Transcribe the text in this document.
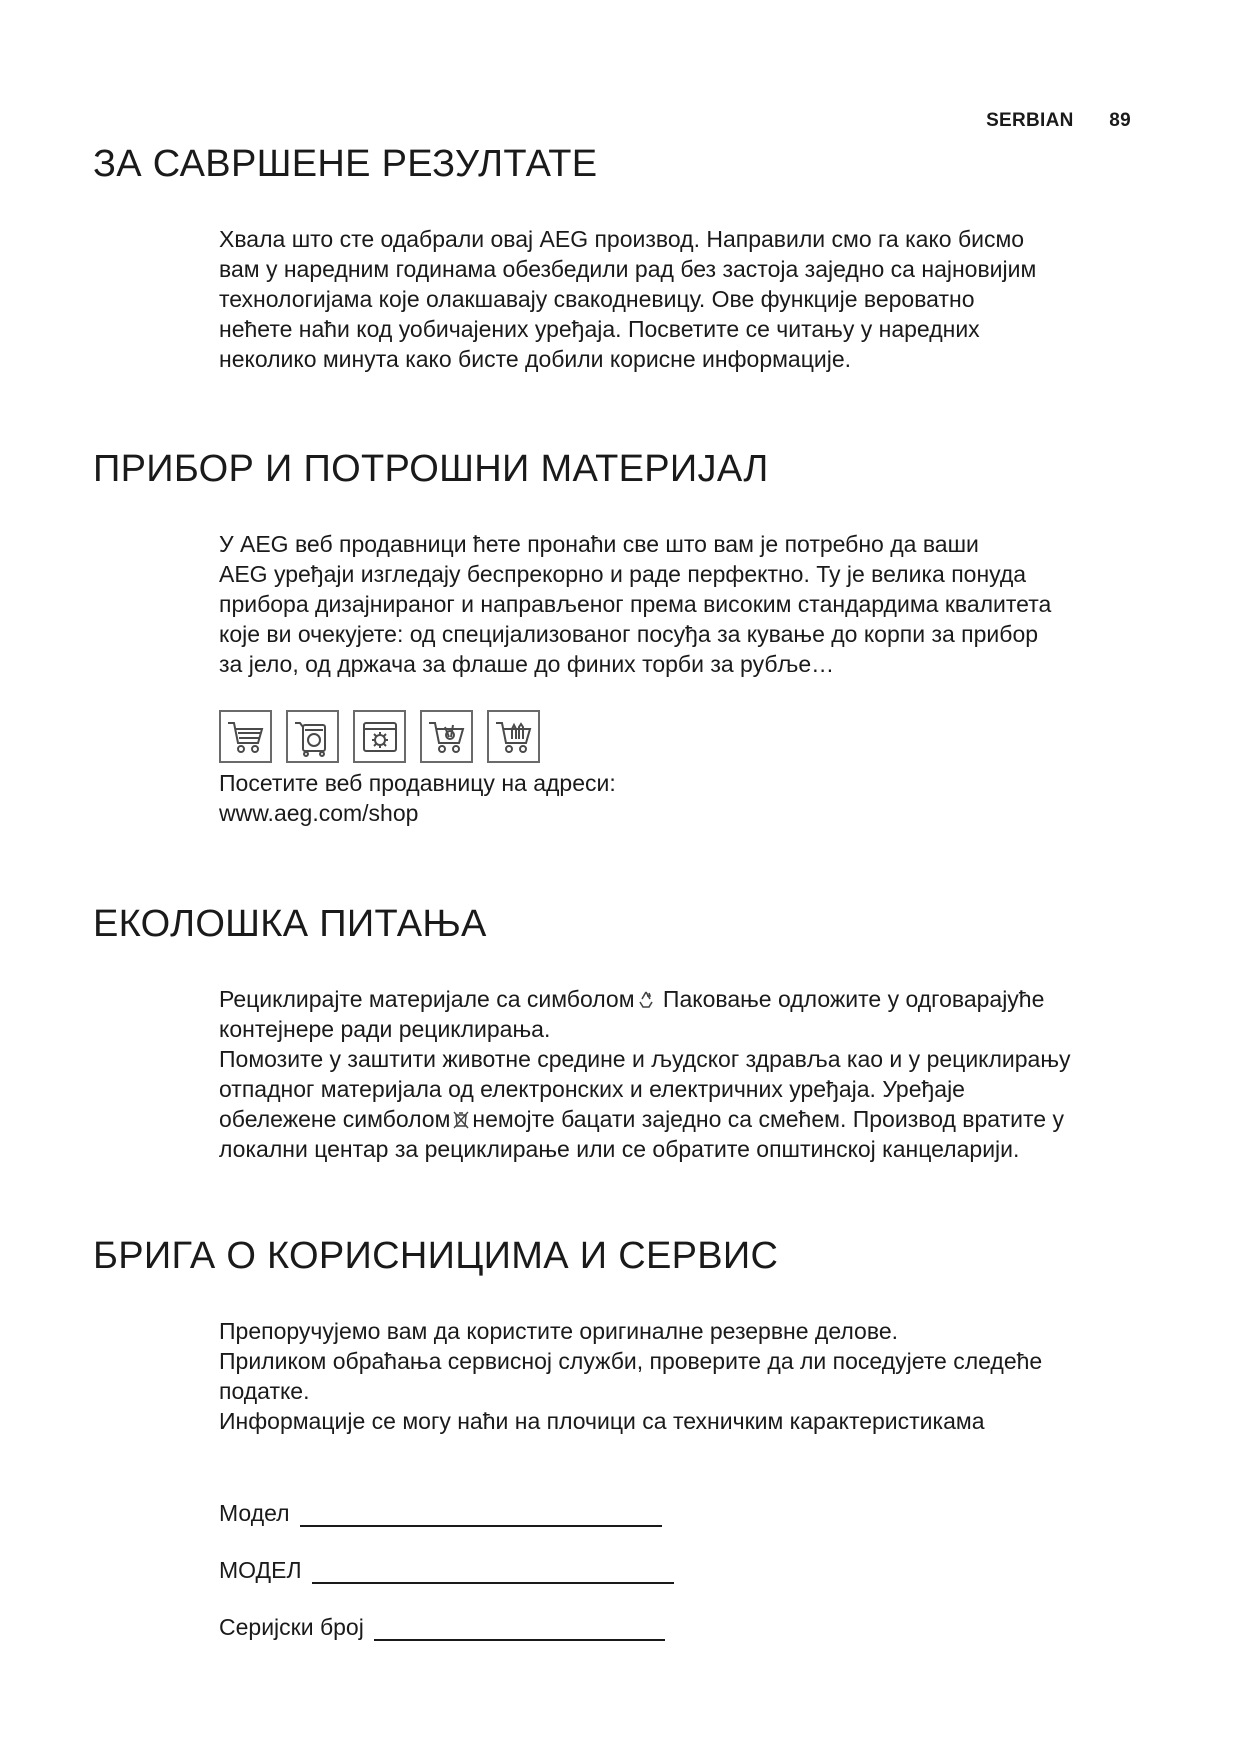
SERBIAN 89
ЗА САВРШЕНЕ РЕЗУЛТАТЕ

Хвала што сте одабрали овај AEG производ. Направили смо га како бисмо

вам у наредним годинама обезбедили рад без застоја заједно са најновијим

технологијама које олакшавају свакодневицу. Ове функције вероватно

нећете наћи код уобичајених уређаја. Посветите се читању у наредних

неколико минута како бисте добили корисне информације.

ПРИБОР И ПОТРОШНИ МАТЕРИЈАЛ

У AEG веб продавници ћете пронаћи све што вам је потребно да ваши

AEG уређаји изгледају беспрекорно и раде перфектно. Ту је велика понуда

прибора дизајнираног и направљеног према високим стандардима квалитета

које ви очекујете: од специјализованог посуђа за кување до корпи за прибор

за јело, од држача за флаше до финих торби за рубље…

Посетите веб продавницу на адреси:

www.aeg.com/shop

ЕКОЛОШКА ПИТАЊА

Рециклирајте материјале са симболом Паковање одложите у одговарајуће

контејнере ради рециклирања.

Помозите у заштити животне средине и људског здравља као и у рециклирању

отпадног материјала од електронских и електричних уређаја. Уређаје

обележене симболом немојте бацати заједно са смећем. Производ вратите у

локални центар за рециклирање или се обратите општинској канцеларији.

БРИГА О КОРИСНИЦИМА И СЕРВИС

Препоручујемо вам да користите оригиналне резервне делове.

Приликом обраћања сервисној служби, проверите да ли поседујете следеће

податке.

Информације се могу наћи на плочици са техничким карактеристикама

Модел
МОДЕЛ
Серијски број
